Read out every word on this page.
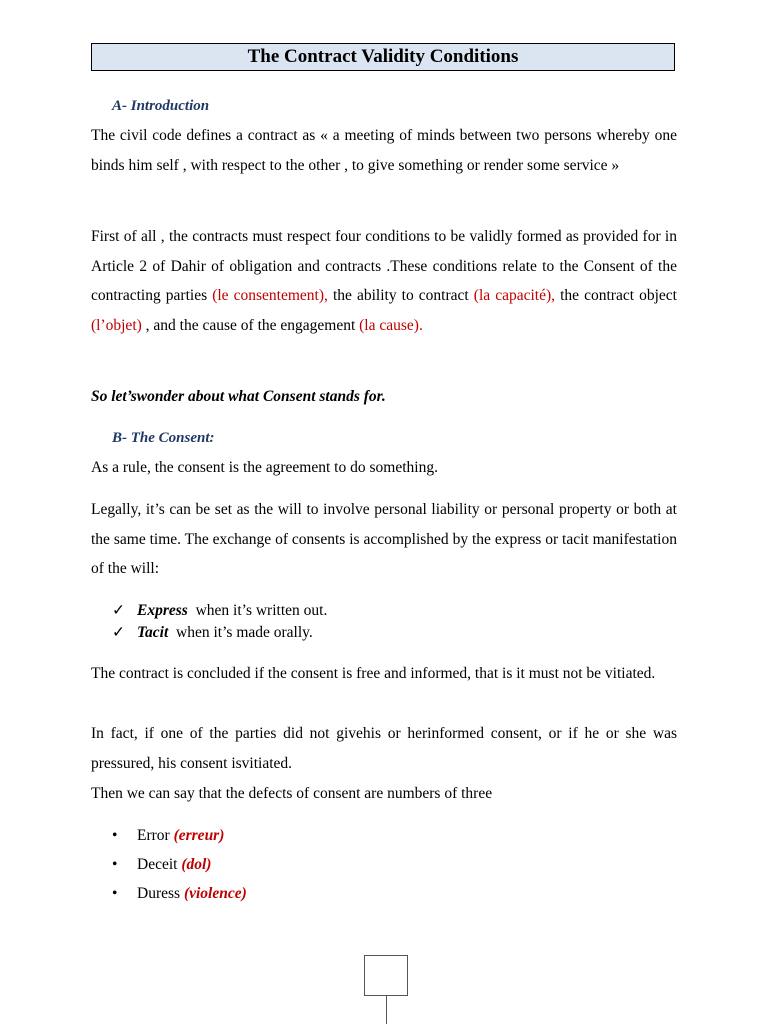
The Contract Validity Conditions
A- Introduction

The civil code defines a contract as « a meeting of minds between two persons whereby one binds him self , with respect to the other , to give something or render some service »

First of all , the contracts must respect four conditions to be validly formed as provided for in Article 2 of Dahir of obligation and contracts .These conditions relate to the Consent of the contracting parties (le consentement), the ability to contract (la capacité), the contract object (l’objet) , and the cause of the engagement (la cause).

So let’swonder about what Consent stands for.

B- The Consent:

As a rule, the consent is the agreement to do something.

Legally, it’s can be set as the will to involve personal liability or personal property or both at the same time. The exchange of consents is accomplished by the express or tacit manifestation of the will:

✓ Express when it’s written out.
✓ Tacit when it’s made orally.

The contract is concluded if the consent is free and informed, that is it must not be vitiated.

In fact, if one of the parties did not givehis or herinformed consent, or if he or she was pressured, his consent isvitiated.

Then we can say that the defects of consent are numbers of three

•	Error (erreur)
•	Deceit (dol)
•	Duress (violence)
